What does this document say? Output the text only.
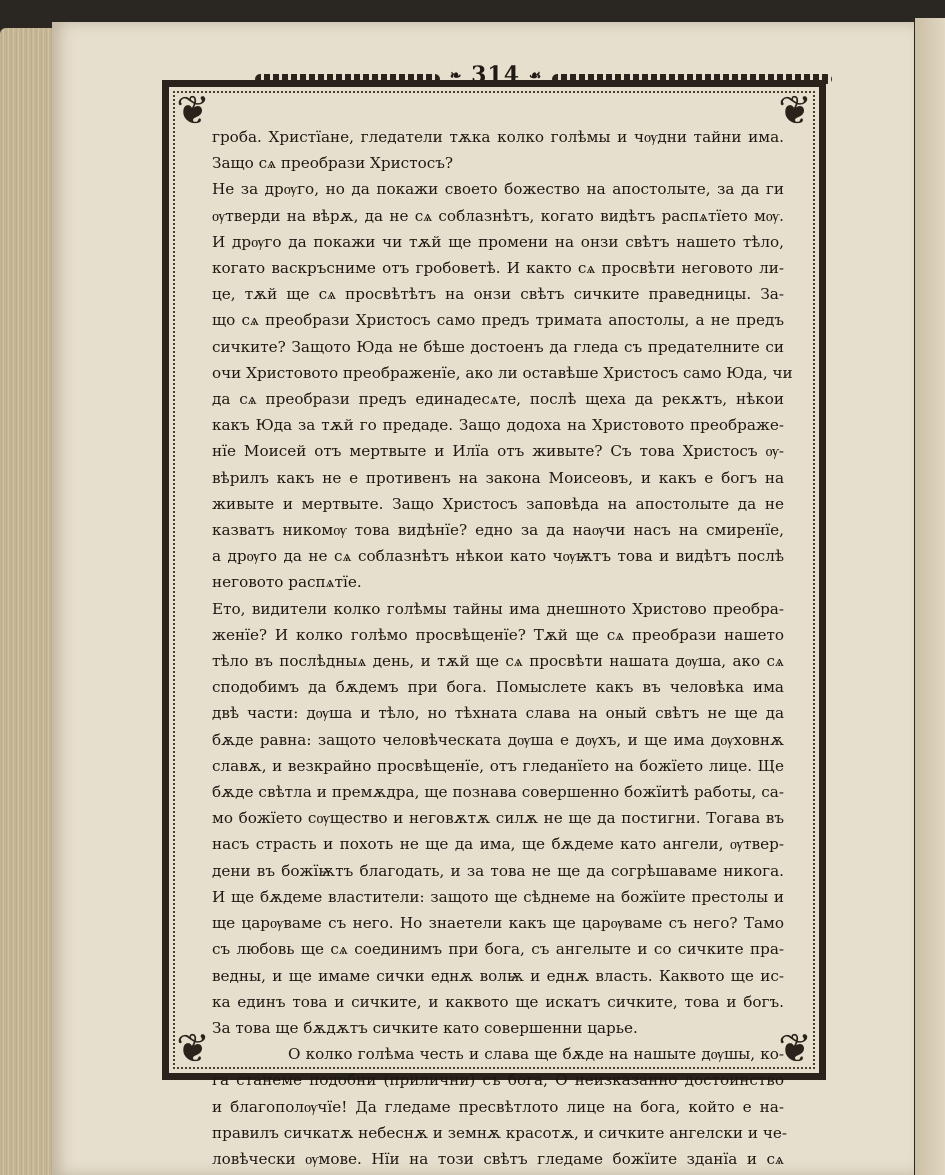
❧ 314 ☙
❦	❦
❦	❦

гроба. Христїане, гледатели тѫка колко голѣмы и чѹдни тайни има.

Защо сѧ преобрази Христосъ?

Не за дрѹго, но да покажи своето божество на апостолыте, за да ги

ѹтверди на вѣрѫ, да не сѧ соблазнѣтъ, когато видѣтъ распѧтїето мѹ.

И дрѹго да покажи чи тѫй ще промени на онзи свѣтъ нашето тѣло,

когато васкръсниме отъ гробоветѣ. И както сѧ просвѣти неговото ли-

це, тѫй ще сѧ просвѣтѣтъ на онзи свѣтъ сичките праведницы. За-

що сѧ преобрази Христосъ само предъ тримата апостолы, а не предъ

сичките? Защото Юда не бѣше достоенъ да гледа съ предателните си

очи Христовото преображенїе, ако ли оставѣше Христосъ само Юда, чи

да сѧ преобрази предъ единадесѧте, послѣ щеха да рекѫтъ, нѣкои

какъ Юда за тѫй го предаде. Защо додоха на Христовото преображе-

нїе Моисей отъ мертвыте и Илїа отъ живыте? Съ това Христосъ ѹ-

вѣрилъ какъ не е противенъ на закона Моисеовъ, и какъ е богъ на

живыте и мертвыте. Защо Христосъ заповѣда на апостолыте да не

казватъ никомѹ това видѣнїе? едно за да наѹчи насъ на смиренїе,

а дрѹго да не сѧ соблазнѣтъ нѣкои като чѹѭтъ това и видѣтъ послѣ

неговото распѧтїе.

Ето, видители колко голѣмы тайны има днешното Христово преобра-

женїе? И колко голѣмо просвѣщенїе? Тѫй ще сѧ преобрази нашето

тѣло въ послѣдныѧ день, и тѫй ще сѧ просвѣти нашата дѹша, ако сѧ

сподобимъ да бѫдемъ при бога. Помыслете какъ въ человѣка има

двѣ части: дѹша и тѣло, но тѣхната слава на оный свѣтъ не ще да

бѫде равна: защото человѣческата дѹша е дѹхъ, и ще има дѹховнѫ

славѫ, и везкрайно просвѣщенїе, отъ гледанїето на божїето лице. Ще

бѫде свѣтла и премѫдра, ще познава совершенно божїитѣ работы, са-

мо божїето сѹщество и неговѫтѫ силѫ не ще да постигни. Тогава въ

насъ страсть и похоть не ще да има, ще бѫдеме като ангели, ѹтвер-

дени въ божїѭтъ благодать, и за това не ще да согрѣшаваме никога.

И ще бѫдеме властители: защото ще сѣднеме на божїите престолы и

ще царѹваме съ него. Но знаетели какъ ще царѹваме съ него? Тамо

съ любовь ще сѧ соединимъ при бога, съ ангелыте и со сичките пра-

ведны, и ще имаме сички еднѫ волѭ и еднѫ власть. Каквото ще ис-

ка единъ това и сичките, и каквото ще искатъ сичките, това и богъ.

За това ще бѫдѫтъ сичките като совершенни царье.

О колко голѣма честь и слава ще бѫде на нашыте дѹшы, ко-

га станеме подобни (прилични) съ бога, О неизказанно достоинство

и благополѹчїе! Да гледаме пресвѣтлото лице на бога, който е на-

правилъ сичкатѫ небеснѫ и земнѫ красотѫ, и сичките ангелски и че-

ловѣчески ѹмове. Нїи на този свѣтъ гледаме божїите зданїа и сѧ
